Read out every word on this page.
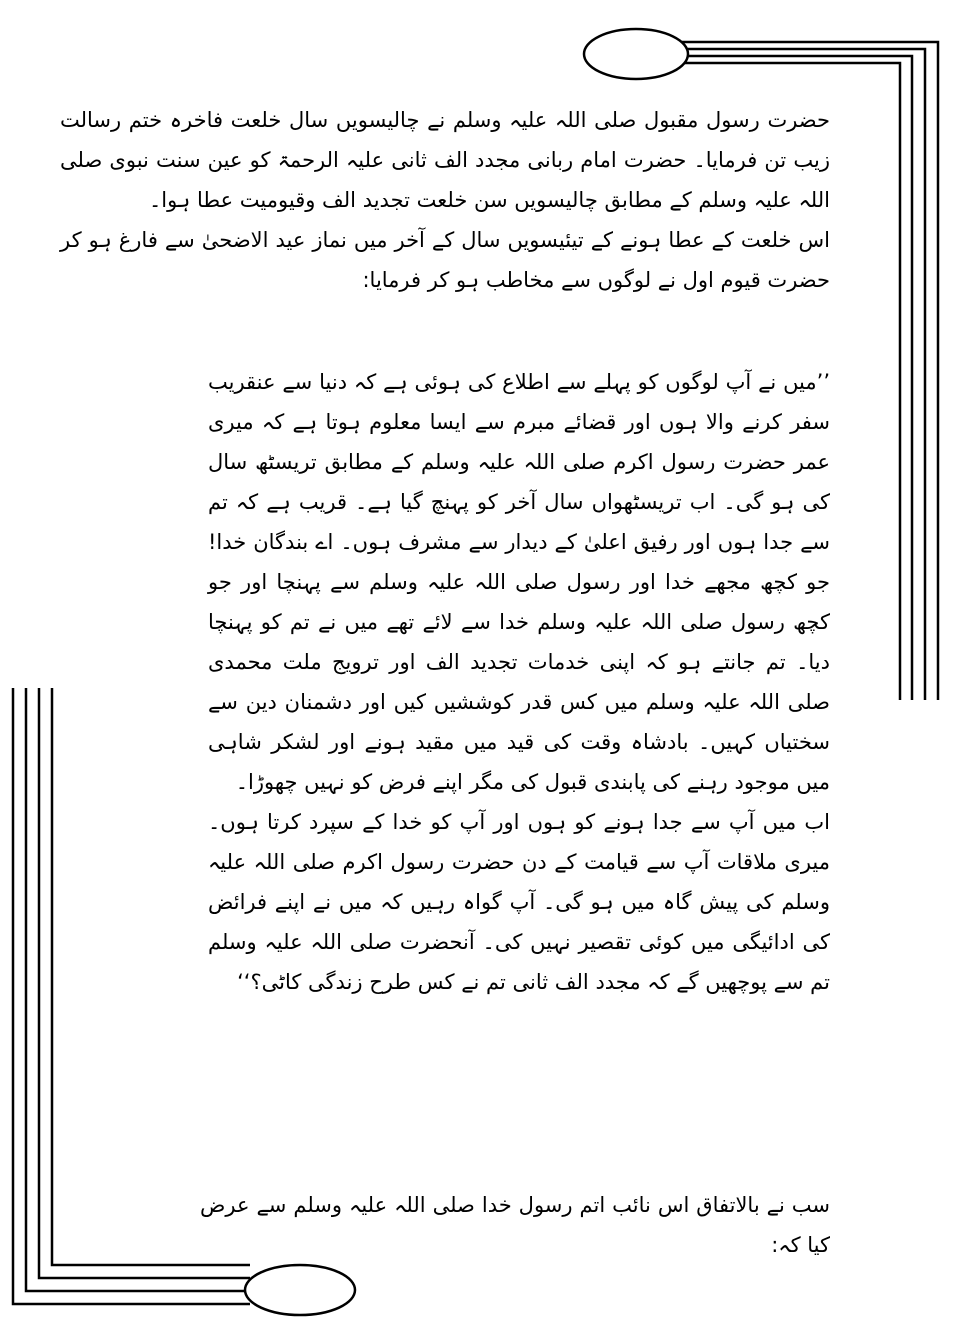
حضرت رسول مقبول صلی اللہ علیہ وسلم نے چالیسویں سال خلعت فاخرہ ختم رسالت زیب تن فرمایا۔ حضرت امام ربانی مجدد الف ثانی علیہ الرحمۃ کو عین سنت نبوی صلی اللہ علیہ وسلم کے مطابق چالیسویں سن خلعت تجدید الف وقیومیت عطا ہوا۔

اس خلعت کے عطا ہونے کے تیئیسویں سال کے آخر میں نماز عید الاضحیٰ سے فارغ ہو کر حضرت قیوم اول نے لوگوں سے مخاطب ہو کر فرمایا:

’’میں نے آپ لوگوں کو پہلے سے اطلاع کی ہوئی ہے کہ دنیا سے عنقریب سفر کرنے والا ہوں اور قضائے مبرم سے ایسا معلوم ہوتا ہے کہ میری عمر حضرت رسول اکرم صلی اللہ علیہ وسلم کے مطابق تریسٹھ سال کی ہو گی۔ اب تریسٹھواں سال آخر کو پہنچ گیا ہے۔ قریب ہے کہ تم سے جدا ہوں اور رفیق اعلیٰ کے دیدار سے مشرف ہوں۔ اے بندگان خدا! جو کچھ مجھے خدا اور رسول صلی اللہ علیہ وسلم سے پہنچا اور جو کچھ رسول صلی اللہ علیہ وسلم خدا سے لائے تھے میں نے تم کو پہنچا دیا۔ تم جانتے ہو کہ اپنی خدمات تجدید الف اور ترویج ملت محمدی صلی اللہ علیہ وسلم میں کس قدر کوششیں کیں اور دشمنان دین سے سختیاں کہیں۔ بادشاہ وقت کی قید میں مقید ہونے اور لشکر شاہی میں موجود رہنے کی پابندی قبول کی مگر اپنے فرض کو نہیں چھوڑا۔

اب میں آپ سے جدا ہونے کو ہوں اور آپ کو خدا کے سپرد کرتا ہوں۔ میری ملاقات آپ سے قیامت کے دن حضرت رسول اکرم صلی اللہ علیہ وسلم کی پیش گاہ میں ہو گی۔ آپ گواہ رہیں کہ میں نے اپنے فرائض کی ادائیگی میں کوئی تقصیر نہیں کی۔ آنحضرت صلی اللہ علیہ وسلم تم سے پوچھیں گے کہ مجدد الف ثانی تم نے کس طرح زندگی کاٹی؟‘‘

سب نے بالاتفاق اس نائب اتم رسول خدا صلی اللہ علیہ وسلم سے عرض کیا کہ:
